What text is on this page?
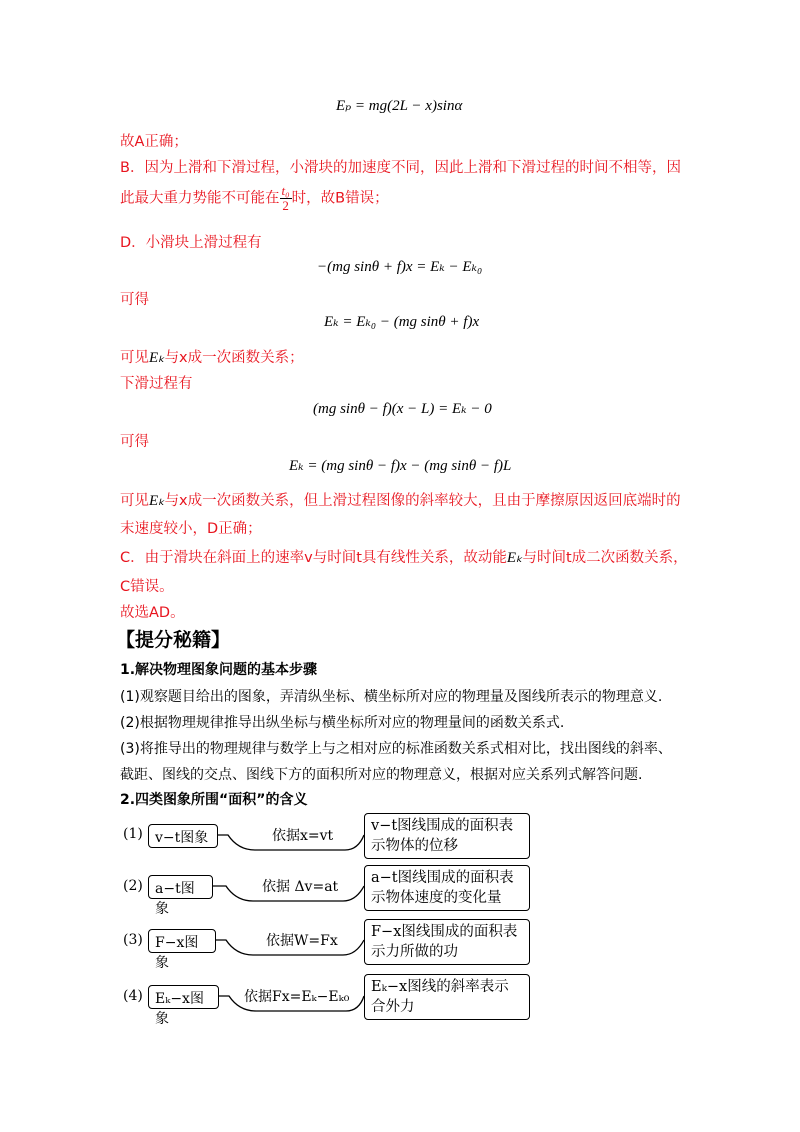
Eₚ = mg(2L − x)sinα
故A正确；
B．因为上滑和下滑过程，小滑块的加速度不同，因此上滑和下滑过程的时间不相等，因
此最大重力势能不可能在 $\frac{\text{t₀}}{2}$ 时，故B错误；
D．小滑块上滑过程有
−(mg sinθ + f)x = Eₖ − Eₖ₀
可得
Eₖ = Eₖ₀ − (mg sinθ + f)x
可见Eₖ与x成一次函数关系；
下滑过程有
(mg sinθ − f)(x − L) = Eₖ − 0
可得
Eₖ = (mg sinθ − f)x − (mg sinθ − f)L
可见Eₖ与x成一次函数关系，但上滑过程图像的斜率较大，且由于摩擦原因返回底端时的
末速度较小，D正确；
C．由于滑块在斜面上的速率v与时间t具有线性关系，故动能Eₖ与时间t成二次函数关系，
C错误。
故选AD。
【提分秘籍】
1.解决物理图象问题的基本步骤
(1)观察题目给出的图象，弄清纵坐标、横坐标所对应的物理量及图线所表示的物理意义.
(2)根据物理规律推导出纵坐标与横坐标所对应的物理量间的函数关系式.
(3)将推导出的物理规律与数学上与之相对应的标准函数关系式相对比，找出图线的斜率、
截距、图线的交点、图线下方的面积所对应的物理意义，根据对应关系列式解答问题.
2.四类图象所围“面积”的含义
(1) v−t图象	依据x=vt
v−t图线围成的面积表
示物体的位移
(2) a−t图象
依据 Δv=at
a−t图线围成的面积表
示物体速度的变化量
(3) F−x图象
依据W=Fx
F−x图线围成的面积表
示力所做的功
(4) Eₖ−x图象
依据Fx=Eₖ−Eₖ₀
Eₖ−x图线的斜率表示
合外力
